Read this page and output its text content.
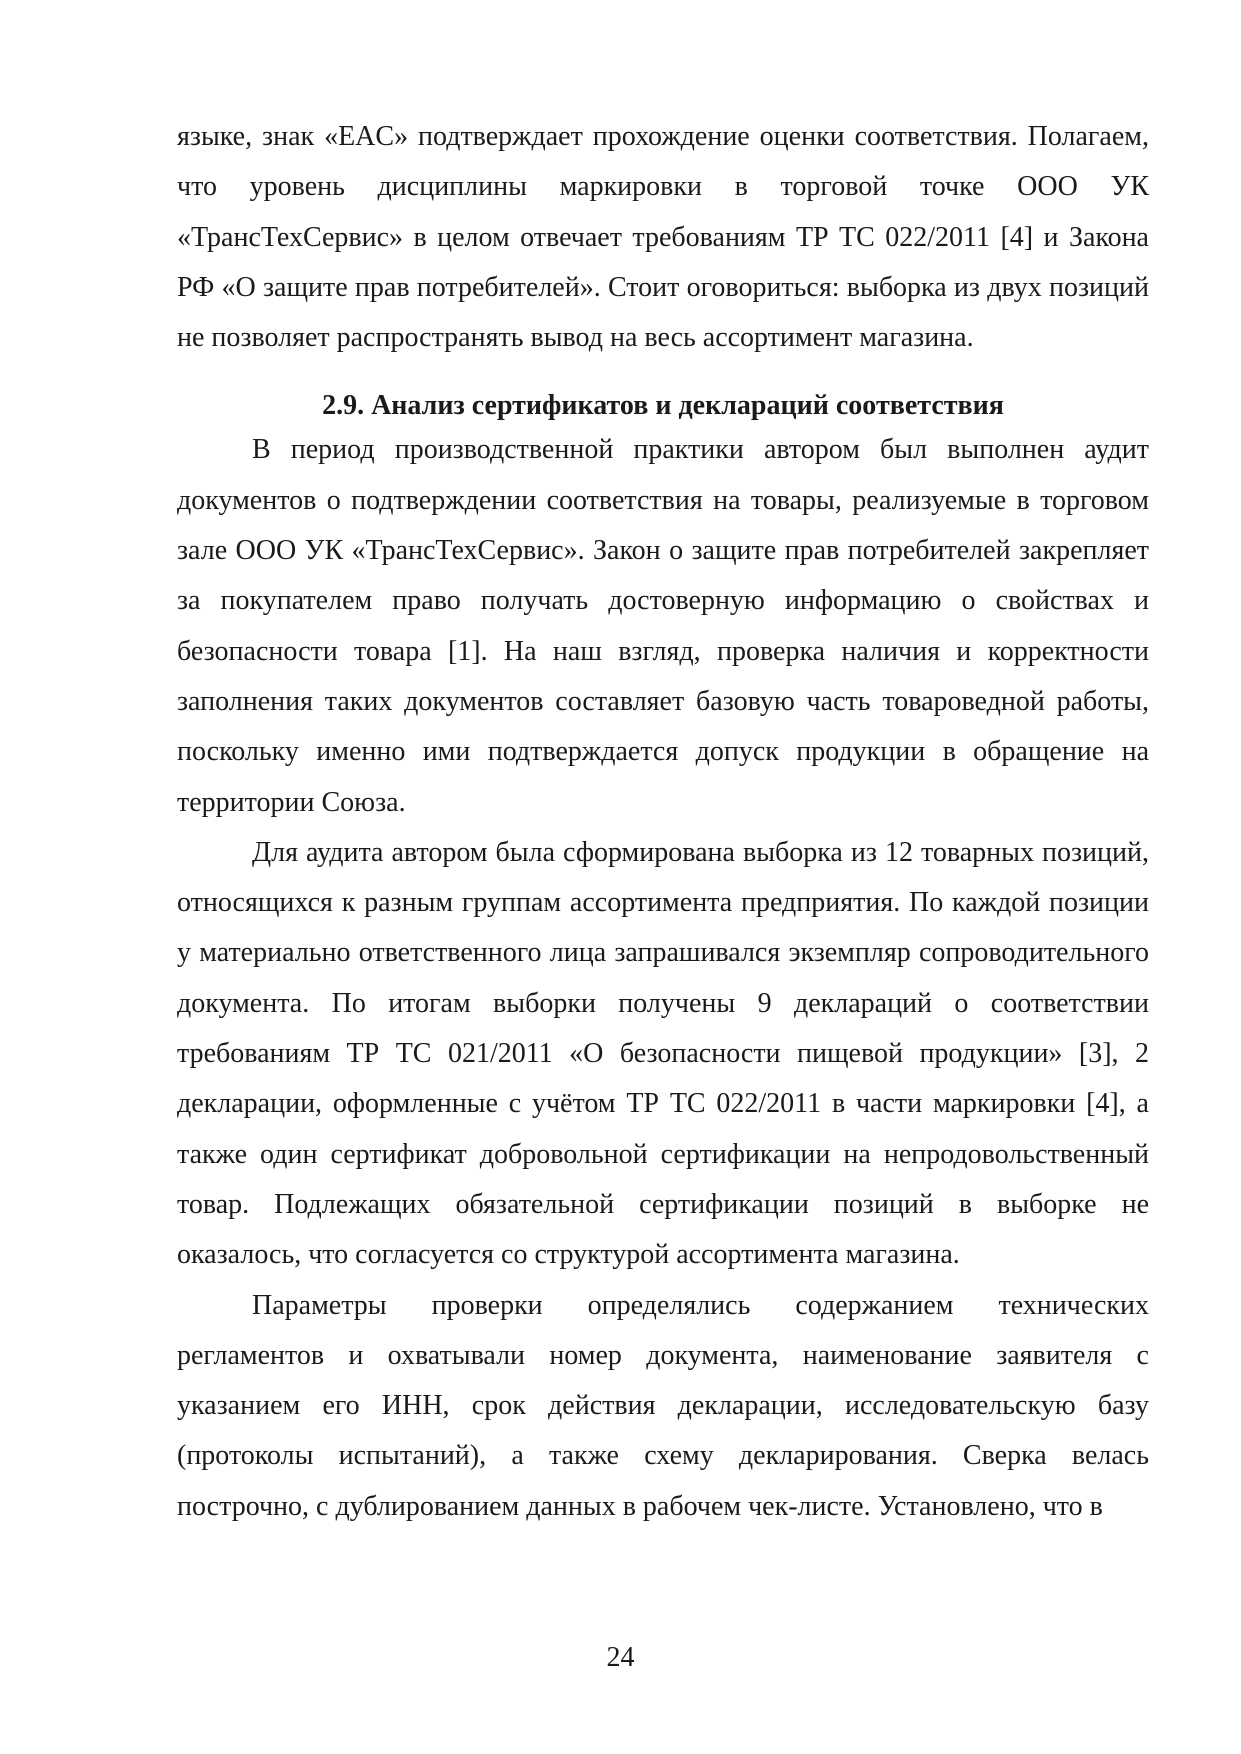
языке, знак «EAC» подтверждает прохождение оценки соответствия. Полагаем, что уровень дисциплины маркировки в торговой точке ООО УК «ТрансТехСервис» в целом отвечает требованиям ТР ТС 022/2011 [4] и Закона РФ «О защите прав потребителей». Стоит оговориться: выборка из двух позиций не позволяет распространять вывод на весь ассортимент магазина.

2.9. Анализ сертификатов и деклараций соответствия

В период производственной практики автором был выполнен аудит документов о подтверждении соответствия на товары, реализуемые в торговом зале ООО УК «ТрансТехСервис». Закон о защите прав потребителей закрепляет за покупателем право получать достоверную информацию о свойствах и безопасности товара [1]. На наш взгляд, проверка наличия и корректности заполнения таких документов составляет базовую часть товароведной работы, поскольку именно ими подтверждается допуск продукции в обращение на территории Союза.

Для аудита автором была сформирована выборка из 12 товарных позиций, относящихся к разным группам ассортимента предприятия. По каждой позиции у материально ответственного лица запрашивался экземпляр сопроводительного документа. По итогам выборки получены 9 деклараций о соответствии требованиям ТР ТС 021/2011 «О безопасности пищевой продукции» [3], 2 декларации, оформленные с учётом ТР ТС 022/2011 в части маркировки [4], а также один сертификат добровольной сертификации на непродовольственный товар. Подлежащих обязательной сертификации позиций в выборке не оказалось, что согласуется со структурой ассортимента магазина.

Параметры проверки определялись содержанием технических регламентов и охватывали номер документа, наименование заявителя с указанием его ИНН, срок действия декларации, исследовательскую базу (протоколы испытаний), а также схему декларирования. Сверка велась построчно, с дублированием данных в рабочем чек-листе. Установлено, что в

24
